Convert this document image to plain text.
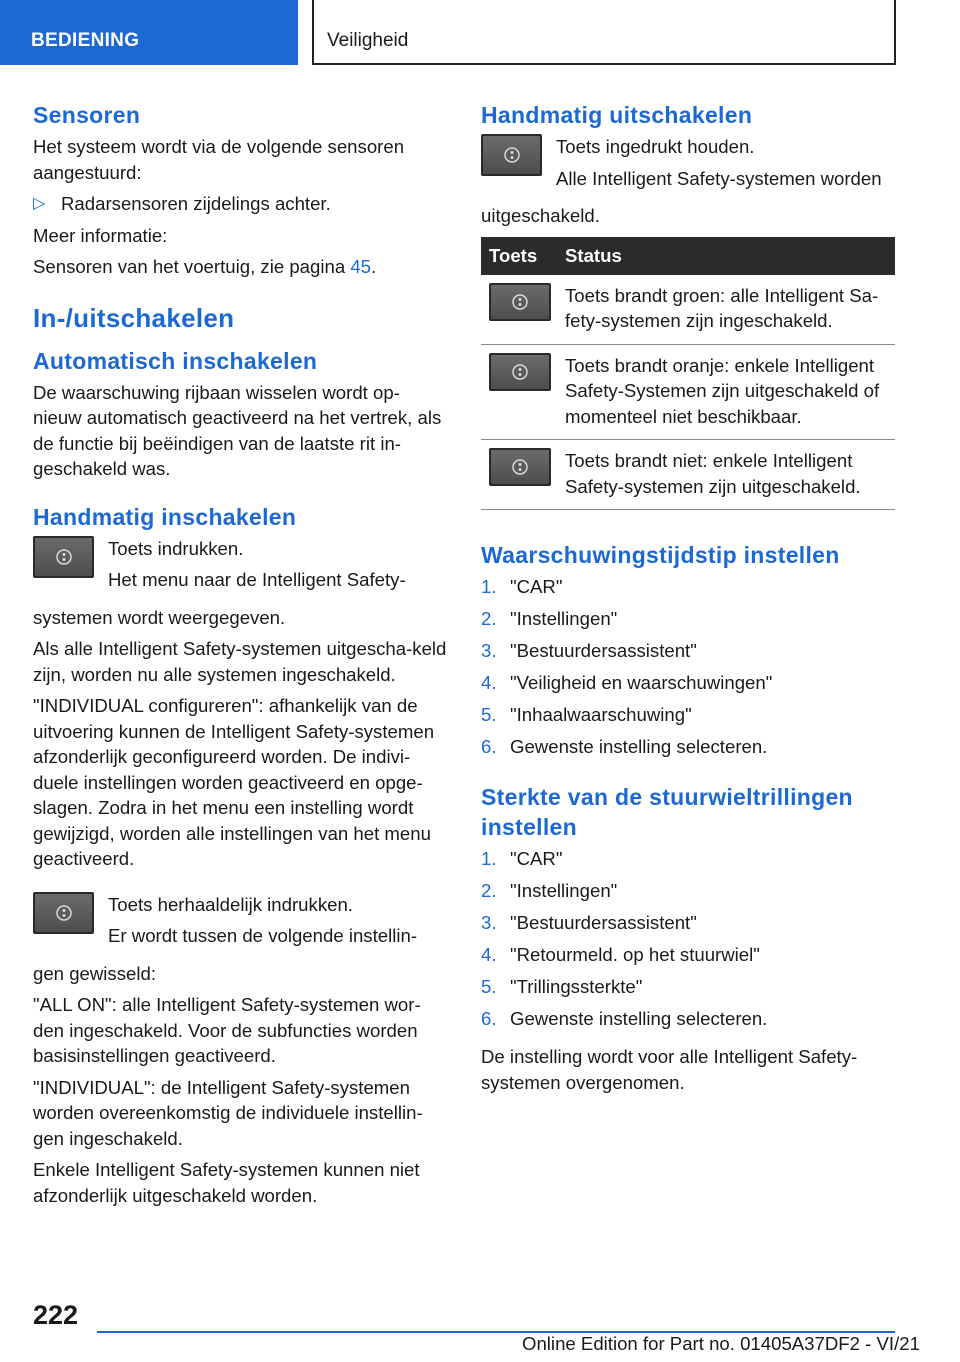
BEDIENING	Veiligheid
Sensoren

Het systeem wordt via de volgende sensoren aangestuurd:

▷ Radarsensoren zijdelings achter.

Meer informatie:

Sensoren van het voertuig, zie pagina 45.

In-/uitschakelen
Automatisch inschakelen

De waarschuwing rijbaan wisselen wordt op-nieuw automatisch geactiveerd na het vertrek, als de functie bij beëindigen van de laatste rit in-geschakeld was.

Handmatig inschakelen

Toets indrukken.

Het menu naar de Intelligent Safety-

systemen wordt weergegeven.

Als alle Intelligent Safety-systemen uitgescha-keld zijn, worden nu alle systemen ingeschakeld.

"INDIVIDUAL configureren": afhankelijk van de uitvoering kunnen de Intelligent Safety-systemen afzonderlijk geconfigureerd worden. De indivi-duele instellingen worden geactiveerd en opge-slagen. Zodra in het menu een instelling wordt gewijzigd, worden alle instellingen van het menu geactiveerd.

Toets herhaaldelijk indrukken.

Er wordt tussen de volgende instellin-

gen gewisseld:

"ALL ON": alle Intelligent Safety-systemen wor-den ingeschakeld. Voor de subfuncties worden basisinstellingen geactiveerd.

"INDIVIDUAL": de Intelligent Safety-systemen worden overeenkomstig de individuele instellin-gen ingeschakeld.

Enkele Intelligent Safety-systemen kunnen niet afzonderlijk uitgeschakeld worden.

Handmatig uitschakelen

Toets ingedrukt houden.

Alle Intelligent Safety-systemen worden

uitgeschakeld.

Toets	Status

	Toets brandt groen: alle Intelligent Sa-fety-systemen zijn ingeschakeld.

	Toets brandt oranje: enkele Intelligent Safety-Systemen zijn uitgeschakeld of momenteel niet beschikbaar.

	Toets brandt niet: enkele Intelligent Safety-systemen zijn uitgeschakeld.
Waarschuwingstijdstip instellen
1. "CAR"
2. "Instellingen"
3. "Bestuurdersassistent"
4. "Veiligheid en waarschuwingen"
5. "Inhaalwaarschuwing"
6. Gewenste instelling selecteren.
Sterkte van de stuurwieltrillingen instellen
1. "CAR"
2. "Instellingen"
3. "Bestuurdersassistent"
4. "Retourmeld. op het stuurwiel"
5. "Trillingssterkte"
6. Gewenste instelling selecteren.

De instelling wordt voor alle Intelligent Safety-systemen overgenomen.

222
Online Edition for Part no. 01405A37DF2 - VI/21
